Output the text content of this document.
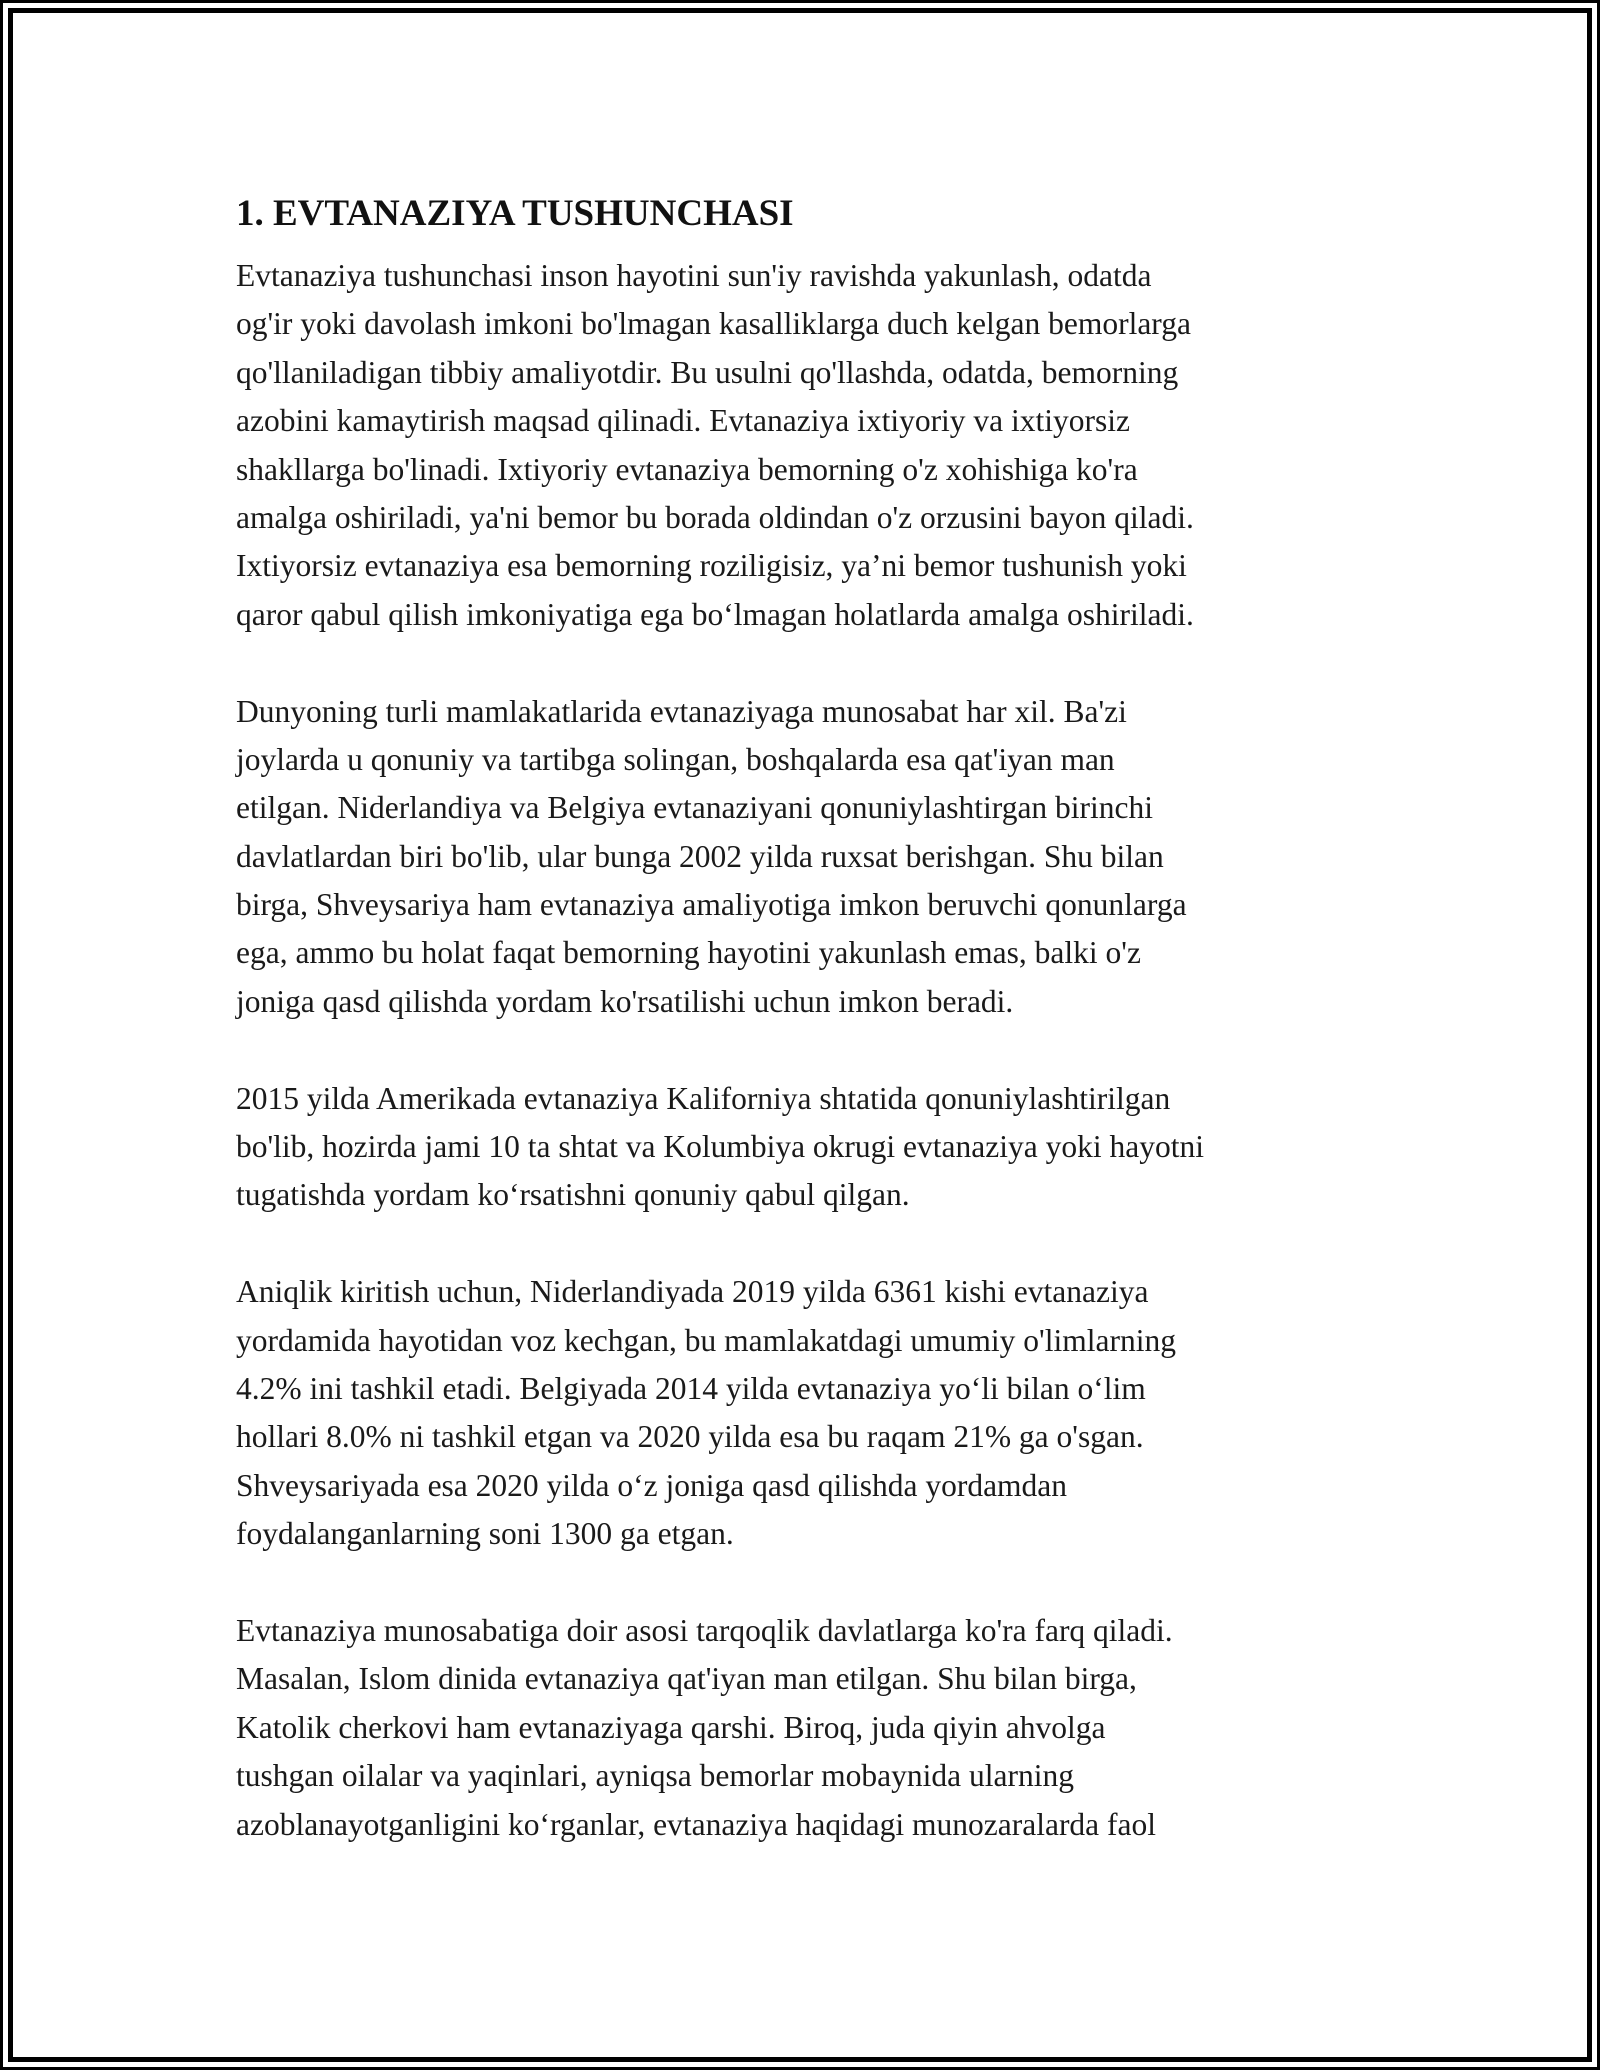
1. EVTANAZIYA TUSHUNCHASI
Evtanaziya tushunchasi inson hayotini sun'iy ravishda yakunlash, odatda
og'ir yoki davolash imkoni bo'lmagan kasalliklarga duch kelgan bemorlarga
qo'llaniladigan tibbiy amaliyotdir. Bu usulni qo'llashda, odatda, bemorning
azobini kamaytirish maqsad qilinadi. Evtanaziya ixtiyoriy va ixtiyorsiz
shakllarga bo'linadi. Ixtiyoriy evtanaziya bemorning o'z xohishiga ko'ra
amalga oshiriladi, ya'ni bemor bu borada oldindan o'z orzusini bayon qiladi.
Ixtiyorsiz evtanaziya esa bemorning roziligisiz, ya’ni bemor tushunish yoki
qaror qabul qilish imkoniyatiga ega bo‘lmagan holatlarda amalga oshiriladi.
Dunyoning turli mamlakatlarida evtanaziyaga munosabat har xil. Ba'zi
joylarda u qonuniy va tartibga solingan, boshqalarda esa qat'iyan man
etilgan. Niderlandiya va Belgiya evtanaziyani qonuniylashtirgan birinchi
davlatlardan biri bo'lib, ular bunga 2002 yilda ruxsat berishgan. Shu bilan
birga, Shveysariya ham evtanaziya amaliyotiga imkon beruvchi qonunlarga
ega, ammo bu holat faqat bemorning hayotini yakunlash emas, balki o'z
joniga qasd qilishda yordam ko'rsatilishi uchun imkon beradi.
2015 yilda Amerikada evtanaziya Kaliforniya shtatida qonuniylashtirilgan
bo'lib, hozirda jami 10 ta shtat va Kolumbiya okrugi evtanaziya yoki hayotni
tugatishda yordam ko‘rsatishni qonuniy qabul qilgan.
Aniqlik kiritish uchun, Niderlandiyada 2019 yilda 6361 kishi evtanaziya
yordamida hayotidan voz kechgan, bu mamlakatdagi umumiy o'limlarning
4.2% ini tashkil etadi. Belgiyada 2014 yilda evtanaziya yo‘li bilan o‘lim
hollari 8.0% ni tashkil etgan va 2020 yilda esa bu raqam 21% ga o'sgan.
Shveysariyada esa 2020 yilda o‘z joniga qasd qilishda yordamdan
foydalanganlarning soni 1300 ga etgan.
Evtanaziya munosabatiga doir asosi tarqoqlik davlatlarga ko'ra farq qiladi.
Masalan, Islom dinida evtanaziya qat'iyan man etilgan. Shu bilan birga,
Katolik cherkovi ham evtanaziyaga qarshi. Biroq, juda qiyin ahvolga
tushgan oilalar va yaqinlari, ayniqsa bemorlar mobaynida ularning
azoblanayotganligini ko‘rganlar, evtanaziya haqidagi munozaralarda faol
